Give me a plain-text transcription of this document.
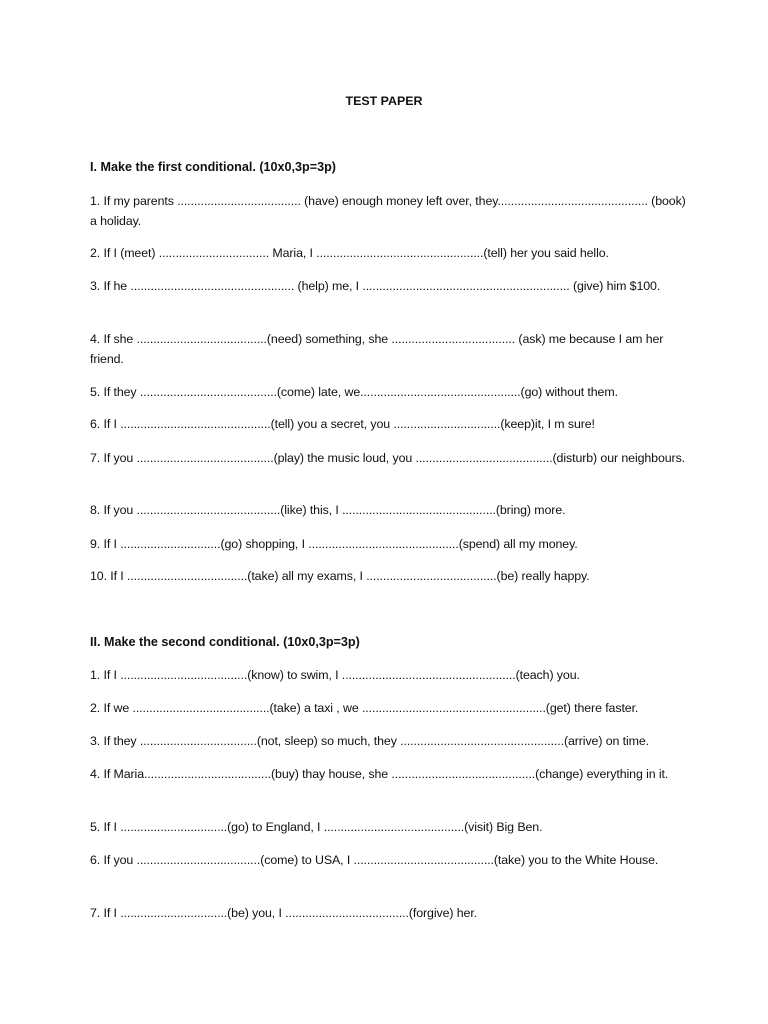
TEST PAPER
I. Make the first conditional. (10x0,3p=3p)
1. If my parents ..................................... (have) enough money left over, they............................................. (book) a holiday.
2. If I (meet) ................................. Maria, I ..................................................(tell) her you said hello.
3. If he ................................................. (help) me, I .............................................................. (give) him $100.
4. If she .......................................(need) something, she ..................................... (ask) me because I am her friend.
5. If they .........................................(come) late, we................................................(go) without them.
6. If I .............................................(tell) you a secret, you ................................(keep)it, I m sure!
7. If you .........................................(play) the music loud, you .........................................(disturb) our neighbours.
8. If you ...........................................(like) this, I ..............................................(bring) more.
9. If I ..............................(go) shopping, I .............................................(spend) all my money.
10. If I ....................................(take) all my exams, I .......................................(be) really happy.
II. Make the second conditional. (10x0,3p=3p)
1. If I ......................................(know) to swim, I ....................................................(teach) you.
2. If we .........................................(take) a taxi , we .......................................................(get) there faster.
3. If they ...................................(not, sleep) so much, they .................................................(arrive) on time.
4. If Maria......................................(buy) thay house, she ...........................................(change) everything in it.
5. If I ................................(go) to England, I ..........................................(visit) Big Ben.
6. If you .....................................(come) to USA, I ..........................................(take) you to the White House.
7. If I ................................(be) you, I .....................................(forgive) her.
